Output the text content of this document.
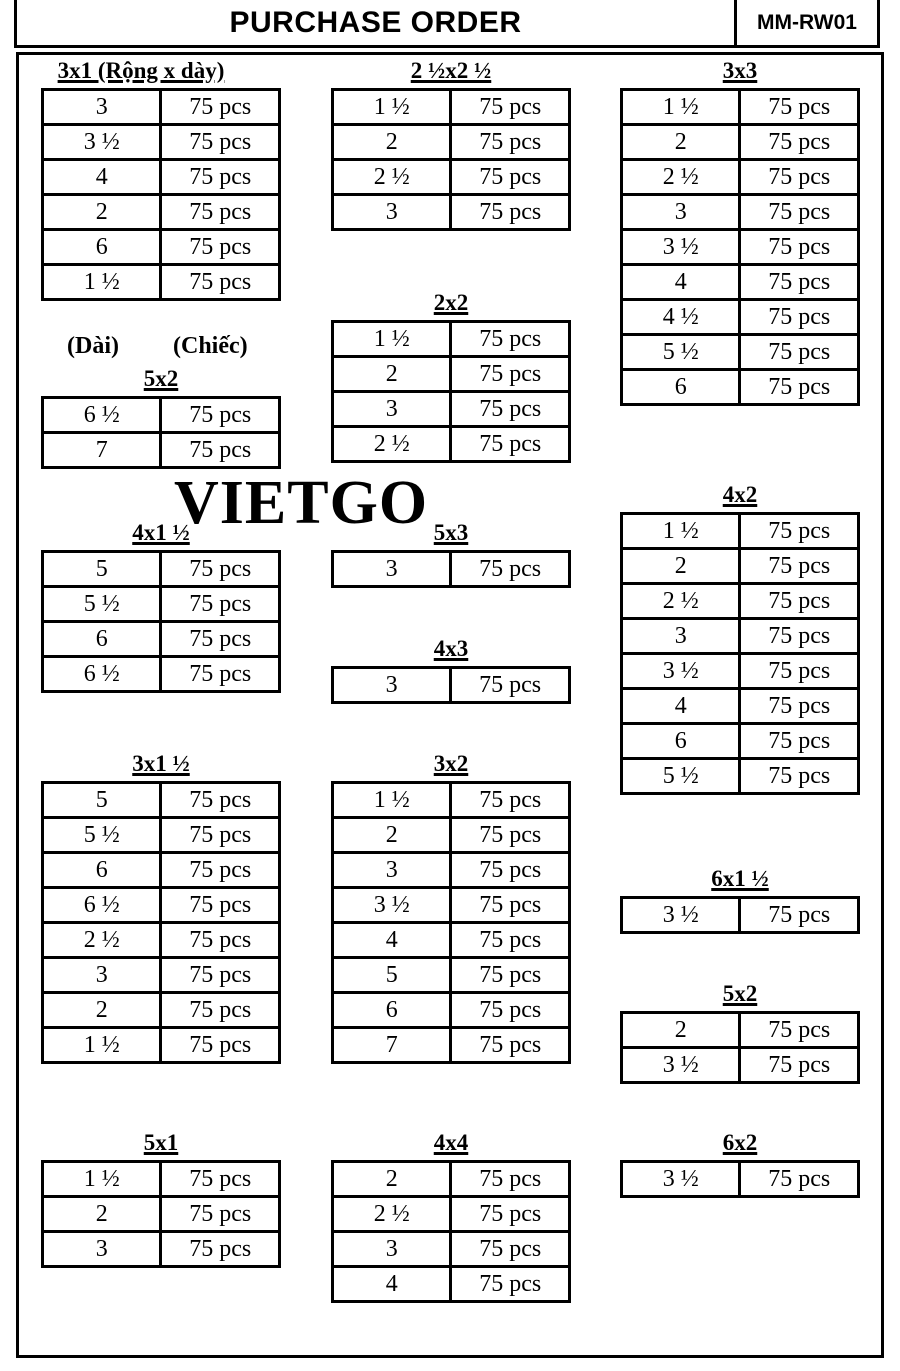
PURCHASE ORDER	MM-RW01
3x1 (Rộng x dày)
3	75 pcs
3 ½	75 pcs
4	75 pcs
2	75 pcs
6	75 pcs
1 ½	75 pcs
2 ½x2 ½
1 ½	75 pcs
2	75 pcs
2 ½	75 pcs
3	75 pcs
3x3
1 ½	75 pcs
2	75 pcs
2 ½	75 pcs
3	75 pcs
3 ½	75 pcs
4	75 pcs
4 ½	75 pcs
5 ½	75 pcs
6	75 pcs
2x2
1 ½	75 pcs
2	75 pcs
3	75 pcs
2 ½	75 pcs
5x2
6 ½	75 pcs
7	75 pcs
4x2
1 ½	75 pcs
2	75 pcs
2 ½	75 pcs
3	75 pcs
3 ½	75 pcs
4	75 pcs
6	75 pcs
5 ½	75 pcs
4x1 ½
5	75 pcs
5 ½	75 pcs
6	75 pcs
6 ½	75 pcs
5x3
3	75 pcs
4x3
3	75 pcs
3x1 ½
5	75 pcs
5 ½	75 pcs
6	75 pcs
6 ½	75 pcs
2 ½	75 pcs
3	75 pcs
2	75 pcs
1 ½	75 pcs
3x2
1 ½	75 pcs
2	75 pcs
3	75 pcs
3 ½	75 pcs
4	75 pcs
5	75 pcs
6	75 pcs
7	75 pcs
6x1 ½
3 ½	75 pcs
5x2
2	75 pcs
3 ½	75 pcs
5x1
1 ½	75 pcs
2	75 pcs
3	75 pcs
4x4
2	75 pcs
2 ½	75 pcs
3	75 pcs
4	75 pcs
6x2
3 ½	75 pcs
(Dài) (Chiếc)
VIETGO
